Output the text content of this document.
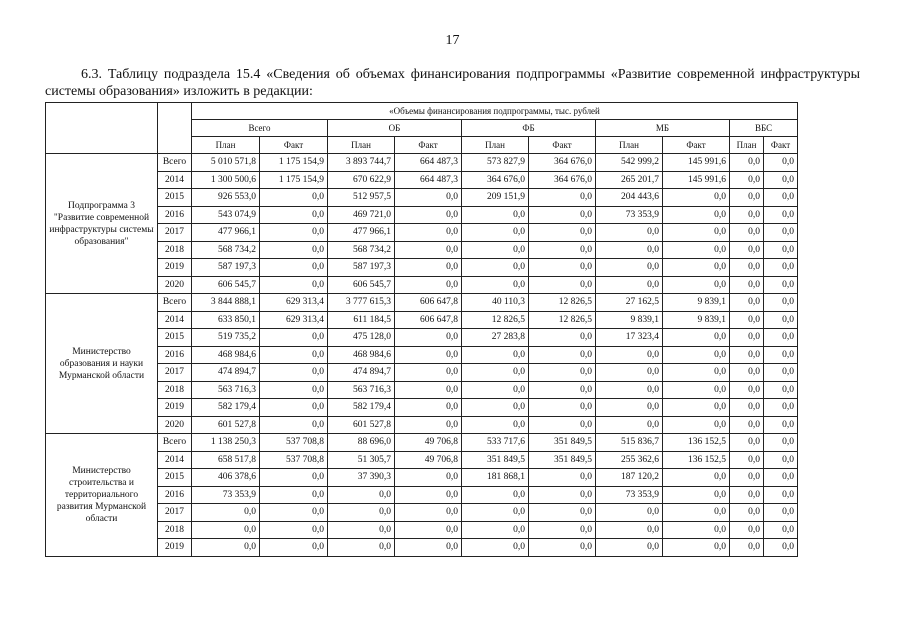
17
6.3. Таблицу подраздела 15.4 «Сведения об объемах финансирования подпрограммы «Развитие современной инфраструктуры системы образования» изложить в редакции:
		«Объемы финансирования подпрограммы, тыс. рублей									
		Всего		ОБ		ФБ		МБ		ВБС	
		План	Факт	План	Факт	План	Факт	План	Факт	План	Факт
Подпрограмма 3 "Развитие современной инфраструктуры системы образования"	Всего	5 010 571,8	1 175 154,9	3 893 744,7	664 487,3	573 827,9	364 676,0	542 999,2	145 991,6	0,0	0,0
	2014	1 300 500,6	1 175 154,9	670 622,9	664 487,3	364 676,0	364 676,0	265 201,7	145 991,6	0,0	0,0
	2015	926 553,0	0,0	512 957,5	0,0	209 151,9	0,0	204 443,6	0,0	0,0	0,0
	2016	543 074,9	0,0	469 721,0	0,0	0,0	0,0	73 353,9	0,0	0,0	0,0
	2017	477 966,1	0,0	477 966,1	0,0	0,0	0,0	0,0	0,0	0,0	0,0
	2018	568 734,2	0,0	568 734,2	0,0	0,0	0,0	0,0	0,0	0,0	0,0
	2019	587 197,3	0,0	587 197,3	0,0	0,0	0,0	0,0	0,0	0,0	0,0
	2020	606 545,7	0,0	606 545,7	0,0	0,0	0,0	0,0	0,0	0,0	0,0
Министерство образования и науки Мурманской области	Всего	3 844 888,1	629 313,4	3 777 615,3	606 647,8	40 110,3	12 826,5	27 162,5	9 839,1	0,0	0,0
	2014	633 850,1	629 313,4	611 184,5	606 647,8	12 826,5	12 826,5	9 839,1	9 839,1	0,0	0,0
	2015	519 735,2	0,0	475 128,0	0,0	27 283,8	0,0	17 323,4	0,0	0,0	0,0
	2016	468 984,6	0,0	468 984,6	0,0	0,0	0,0	0,0	0,0	0,0	0,0
	2017	474 894,7	0,0	474 894,7	0,0	0,0	0,0	0,0	0,0	0,0	0,0
	2018	563 716,3	0,0	563 716,3	0,0	0,0	0,0	0,0	0,0	0,0	0,0
	2019	582 179,4	0,0	582 179,4	0,0	0,0	0,0	0,0	0,0	0,0	0,0
	2020	601 527,8	0,0	601 527,8	0,0	0,0	0,0	0,0	0,0	0,0	0,0
Министерство строительства и территориального развития Мурманской области	Всего	1 138 250,3	537 708,8	88 696,0	49 706,8	533 717,6	351 849,5	515 836,7	136 152,5	0,0	0,0
	2014	658 517,8	537 708,8	51 305,7	49 706,8	351 849,5	351 849,5	255 362,6	136 152,5	0,0	0,0
	2015	406 378,6	0,0	37 390,3	0,0	181 868,1	0,0	187 120,2	0,0	0,0	0,0
	2016	73 353,9	0,0	0,0	0,0	0,0	0,0	73 353,9	0,0	0,0	0,0
	2017	0,0	0,0	0,0	0,0	0,0	0,0	0,0	0,0	0,0	0,0
	2018	0,0	0,0	0,0	0,0	0,0	0,0	0,0	0,0	0,0	0,0
	2019	0,0	0,0	0,0	0,0	0,0	0,0	0,0	0,0	0,0	0,0
